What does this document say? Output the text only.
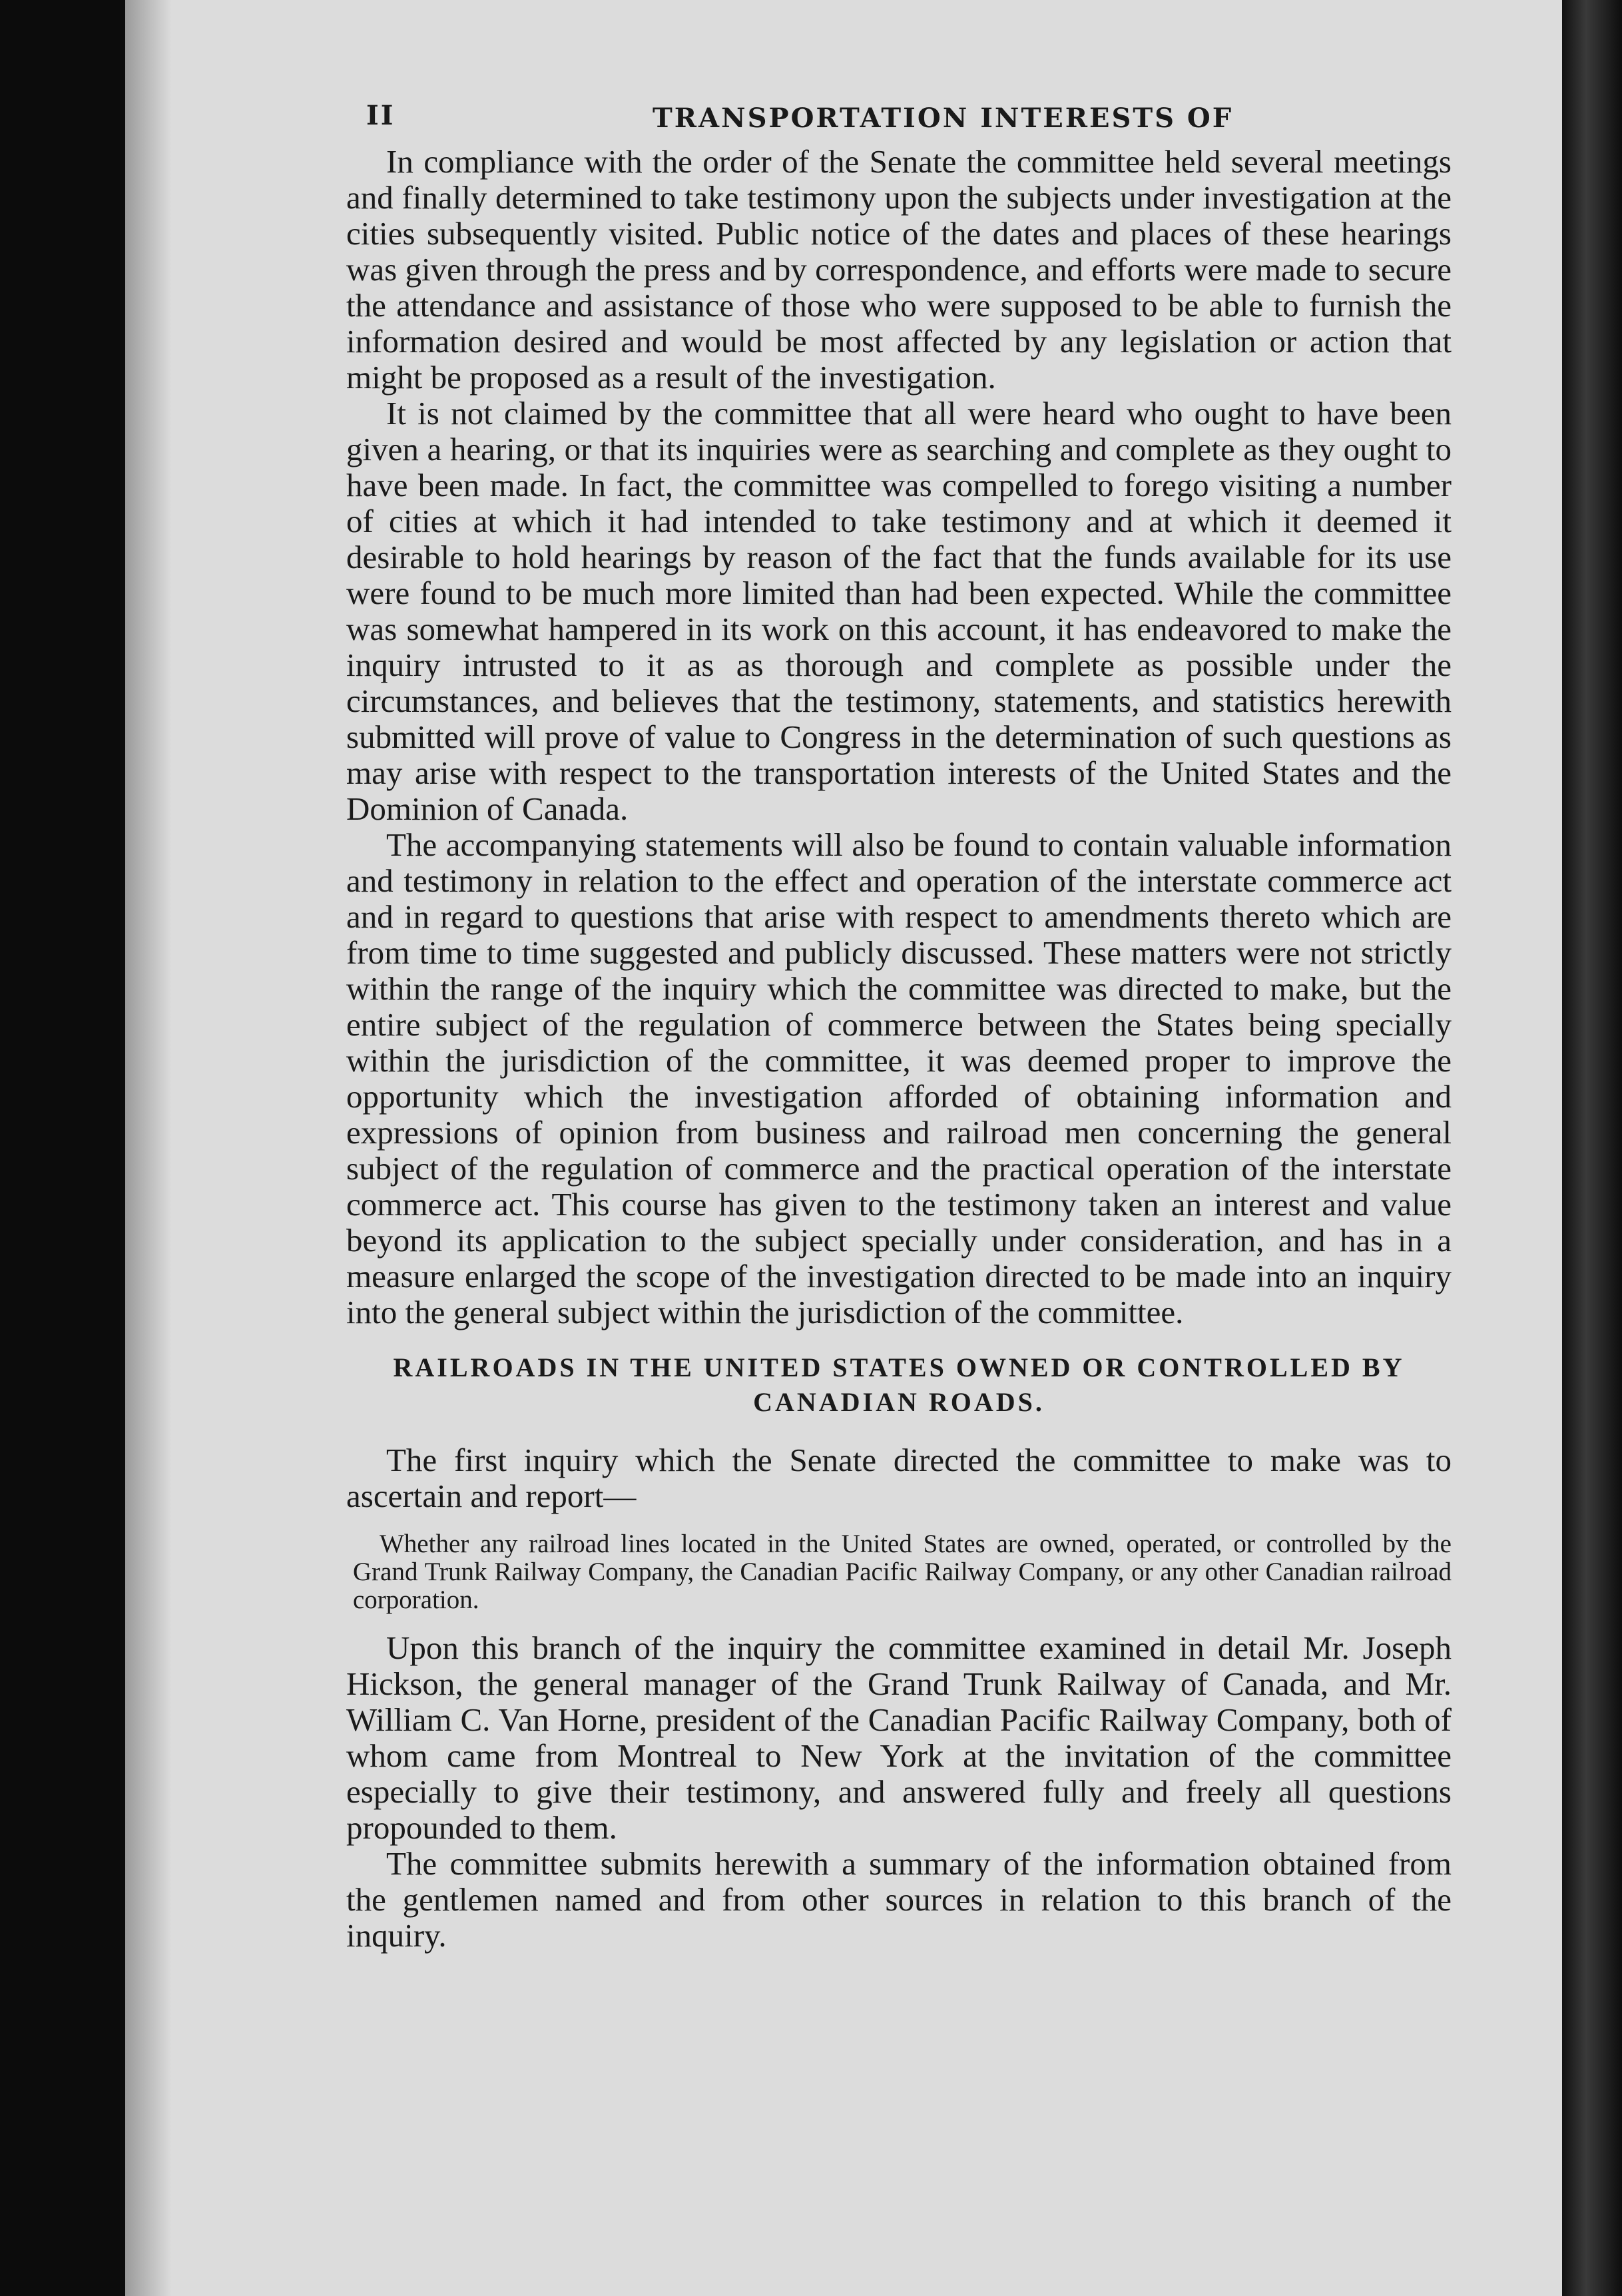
II	TRANSPORTATION INTERESTS OF

In compliance with the order of the Senate the committee held several meetings and finally determined to take testimony upon the subjects under investigation at the cities subsequently visited. Public notice of the dates and places of these hearings was given through the press and by correspondence, and efforts were made to secure the attendance and assistance of those who were supposed to be able to furnish the information desired and would be most affected by any legislation or action that might be proposed as a result of the investigation.

It is not claimed by the committee that all were heard who ought to have been given a hearing, or that its inquiries were as searching and complete as they ought to have been made. In fact, the committee was compelled to forego visiting a number of cities at which it had intended to take testimony and at which it deemed it desirable to hold hearings by reason of the fact that the funds available for its use were found to be much more limited than had been expected. While the committee was somewhat hampered in its work on this account, it has endeavored to make the inquiry intrusted to it as as thorough and complete as possible under the circumstances, and believes that the testimony, statements, and statistics herewith submitted will prove of value to Congress in the determination of such questions as may arise with respect to the transportation interests of the United States and the Dominion of Canada.

The accompanying statements will also be found to contain valuable information and testimony in relation to the effect and operation of the interstate commerce act and in regard to questions that arise with respect to amendments thereto which are from time to time suggested and publicly discussed. These matters were not strictly within the range of the inquiry which the committee was directed to make, but the entire subject of the regulation of commerce between the States being specially within the jurisdiction of the committee, it was deemed proper to improve the opportunity which the investigation afforded of obtaining information and expressions of opinion from business and railroad men concerning the general subject of the regulation of commerce and the practical operation of the interstate commerce act. This course has given to the testimony taken an interest and value beyond its application to the subject specially under consideration, and has in a measure enlarged the scope of the investigation directed to be made into an inquiry into the general subject within the jurisdiction of the committee.

RAILROADS IN THE UNITED STATES OWNED OR CONTROLLED BY CANADIAN ROADS.

The first inquiry which the Senate directed the committee to make was to ascertain and report—

Whether any railroad lines located in the United States are owned, operated, or controlled by the Grand Trunk Railway Company, the Canadian Pacific Railway Company, or any other Canadian railroad corporation.

Upon this branch of the inquiry the committee examined in detail Mr. Joseph Hickson, the general manager of the Grand Trunk Railway of Canada, and Mr. William C. Van Horne, president of the Canadian Pacific Railway Company, both of whom came from Montreal to New York at the invitation of the committee especially to give their testimony, and answered fully and freely all questions propounded to them.

The committee submits herewith a summary of the information obtained from the gentlemen named and from other sources in relation to this branch of the inquiry.
